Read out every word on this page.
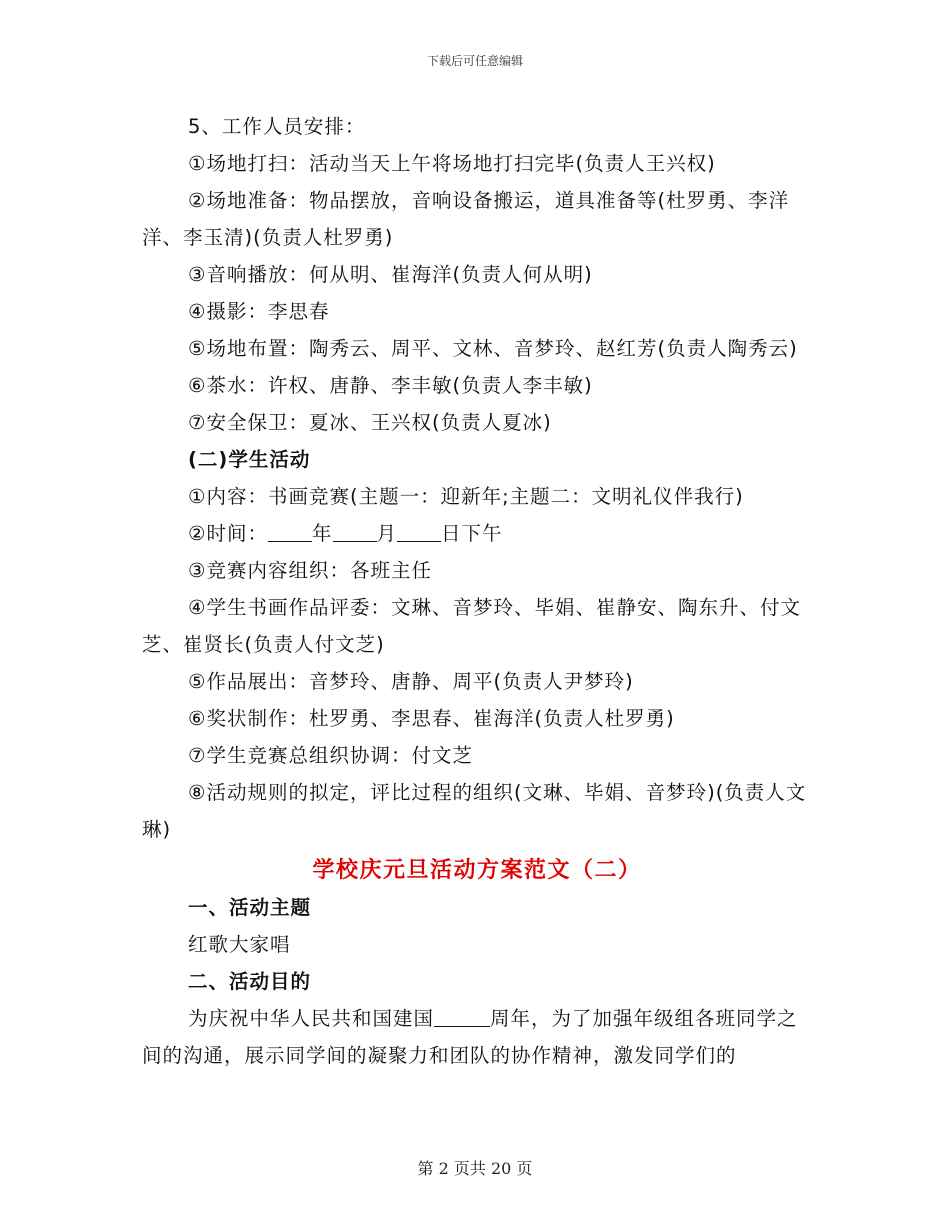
下载后可任意编辑
5、工作人员安排：
①场地打扫：活动当天上午将场地打扫完毕(负责人王兴权)
②场地准备：物品摆放，音响设备搬运，道具准备等(杜罗勇、李洋洋、李玉清)(负责人杜罗勇)
③音响播放：何从明、崔海洋(负责人何从明)
④摄影：李思春
⑤场地布置：陶秀云、周平、文林、音梦玲、赵红芳(负责人陶秀云)
⑥茶水：许权、唐静、李丰敏(负责人李丰敏)
⑦安全保卫：夏冰、王兴权(负责人夏冰)
(二)学生活动
①内容：书画竞赛(主题一：迎新年;主题二：文明礼仪伴我行)
②时间： 年 月 日下午
③竞赛内容组织：各班主任
④学生书画作品评委：文琳、音梦玲、毕娟、崔静安、陶东升、付文芝、崔贤长(负责人付文芝)
⑤作品展出：音梦玲、唐静、周平(负责人尹梦玲)
⑥奖状制作：杜罗勇、李思春、崔海洋(负责人杜罗勇)
⑦学生竞赛总组织协调：付文芝
⑧活动规则的拟定，评比过程的组织(文琳、毕娟、音梦玲)(负责人文琳)
学校庆元旦活动方案范文（二）
一、活动主题
红歌大家唱
二、活动目的
为庆祝中华人民共和国建国	周年，为了加强年级组各班同学之间的沟通，展示同学间的凝聚力和团队的协作精神，激发同学们的
第 2 页共 20 页
